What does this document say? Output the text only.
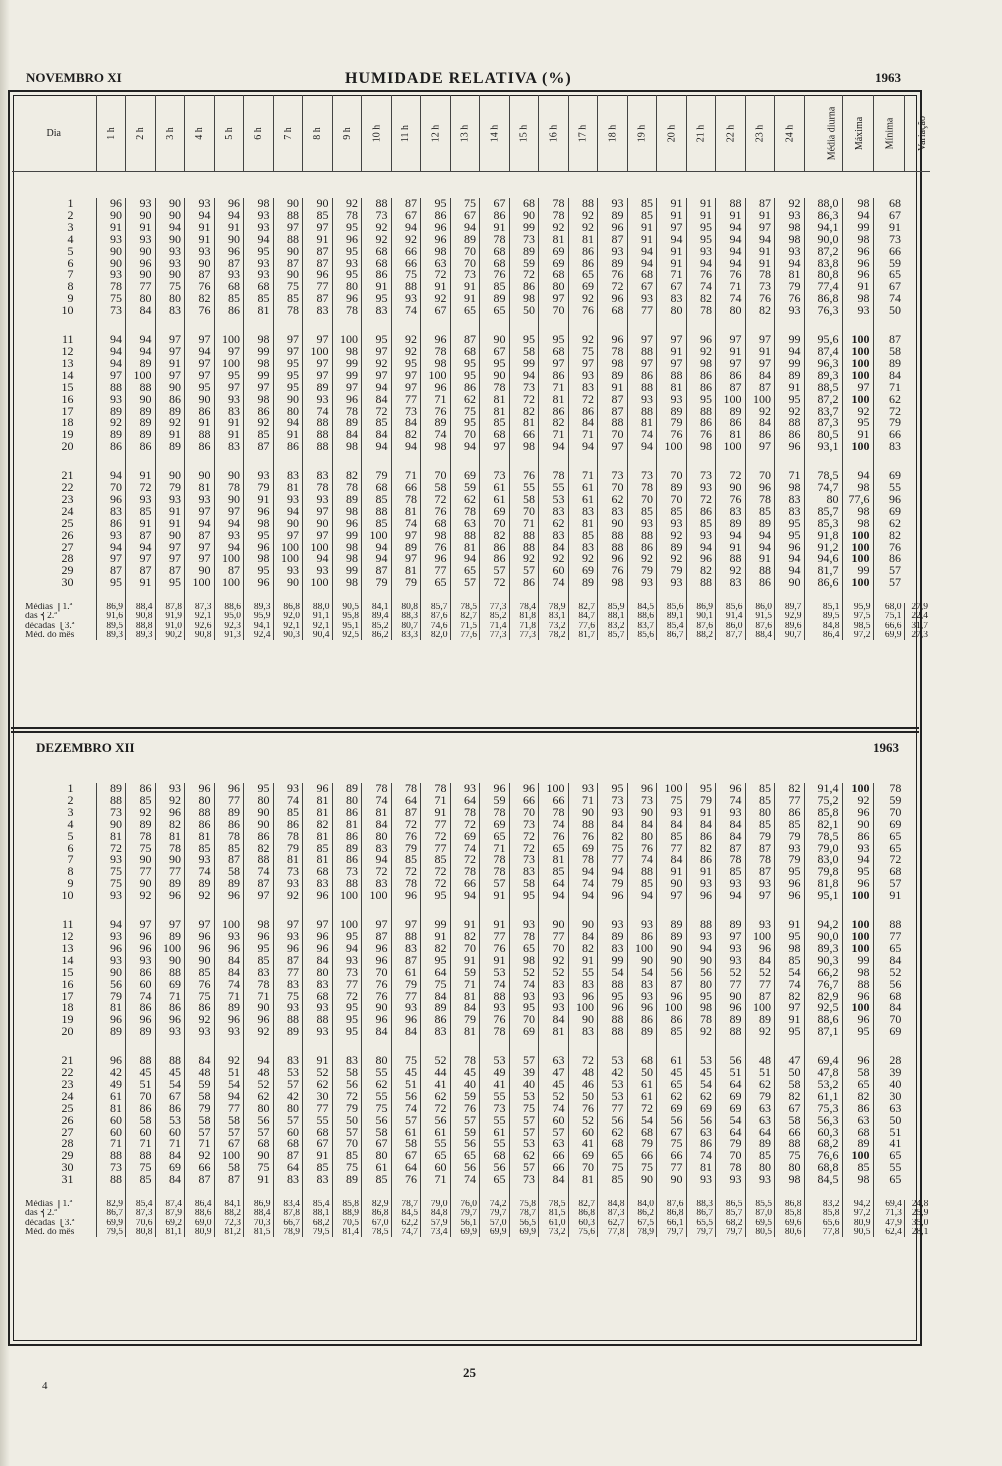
NOVEMBRO XI	HUMIDADE RELATIVA (%)	1963
Dia	1 h	2 h	3 h	4 h	5 h	6 h	7 h	8 h	9 h	10 h	11 h	12 h	13 h	14 h	15 h	16 h	17 h	18 h	19 h	20 h	21 h	22 h	23 h	24 h	Média diurna	Máxima	Mínima	Variação

1	96	93	90	93	96	98	90	90	92	88	87	95	75	67	68	78	88	93	85	91	91	88	87	92	88,0	98	68	
2	90	90	90	94	94	93	88	85	78	73	67	86	67	86	90	78	92	89	85	91	91	91	91	93	86,3	94	67	
3	91	91	94	91	91	93	97	97	95	92	94	96	94	91	99	92	92	96	91	97	95	94	97	98	94,1	99	91	
4	93	93	90	91	90	94	88	91	96	92	92	96	89	78	73	81	81	87	91	94	95	94	94	98	90,0	98	73	
5	90	90	93	93	96	95	90	87	95	68	66	98	70	68	89	69	86	93	94	91	93	94	91	93	87,2	96	66	
6	90	96	93	90	87	93	87	87	93	68	66	63	70	68	59	69	86	89	94	91	94	94	91	94	83,8	96	59	
7	93	90	90	87	93	93	90	96	95	86	75	72	73	76	72	68	65	76	68	71	76	76	78	81	80,8	96	65	
8	78	77	75	76	68	68	75	77	80	91	88	91	91	85	86	80	69	72	67	67	74	71	73	79	77,4	91	67	
9	75	80	80	82	85	85	85	87	96	95	93	92	91	89	98	97	92	96	93	83	82	74	76	76	86,8	98	74	
10	73	84	83	76	86	81	78	83	78	83	74	67	65	65	50	70	76	68	77	80	78	80	82	93	76,3	93	50	

11	94	94	97	97	100	98	97	97	100	95	92	96	87	90	95	95	92	96	97	97	96	97	97	99	95,6	100	87	
12	94	94	97	94	97	99	97	100	98	97	92	78	68	67	58	68	75	78	88	91	92	91	91	94	87,4	100	58	
13	94	89	91	97	100	98	95	97	99	92	95	98	95	95	99	97	97	98	97	97	98	97	97	99	96,3	100	89	
14	97	100	97	97	95	99	95	97	99	97	97	100	95	90	94	86	93	89	86	88	86	86	84	89	89,3	100	84	
15	88	88	90	95	97	97	95	89	97	94	97	96	86	78	73	71	83	91	88	81	86	87	87	91	88,5	97	71	
16	93	90	86	90	93	98	90	93	96	84	77	71	62	81	72	81	72	87	93	93	95	100	100	95	87,2	100	62	
17	89	89	89	86	83	86	80	74	78	72	73	76	75	81	82	86	86	87	88	89	88	89	92	92	83,7	92	72	
18	92	89	92	91	91	92	94	88	89	85	84	89	95	85	81	82	84	88	81	79	86	86	84	88	87,3	95	79	
19	89	89	91	88	91	85	91	88	84	84	82	74	70	68	66	71	71	70	74	76	76	81	86	86	80,5	91	66	
20	86	86	89	86	83	87	86	88	98	94	94	98	94	97	98	94	94	97	94	100	98	100	97	96	93,1	100	83	

21	94	91	90	90	90	93	83	83	82	79	71	70	69	73	76	78	71	73	73	70	73	72	70	71	78,5	94	69	
22	70	72	79	81	78	79	81	78	78	68	66	58	59	61	55	55	61	70	78	89	93	90	96	98	74,7	98	55	
23	96	93	93	93	90	91	93	93	89	85	78	72	62	61	58	53	61	62	70	70	72	76	78	83	80	77,6	96	
24	83	85	91	97	97	96	94	97	98	88	81	76	78	69	70	83	83	83	85	85	86	83	85	83	85,7	98	69	
25	86	91	91	94	94	98	90	90	96	85	74	68	63	70	71	62	81	90	93	93	85	89	89	95	85,3	98	62	
26	93	87	90	87	93	95	97	97	99	100	97	98	88	82	88	83	85	88	88	92	93	94	94	95	91,8	100	82	
27	94	94	97	97	94	96	100	100	98	94	89	76	81	86	88	84	83	88	86	89	94	91	94	96	91,2	100	76	
28	97	97	97	97	100	98	100	94	98	94	97	96	94	86	92	92	92	96	92	92	96	88	91	94	94,6	100	86	
29	87	87	87	90	87	95	93	93	99	87	81	77	65	57	57	60	69	76	79	79	82	92	88	94	81,7	99	57	
30	95	91	95	100	100	96	90	100	98	79	79	65	57	72	86	74	89	98	93	93	88	83	86	90	86,6	100	57	

Médias ⎧1.ª	86,9	88,4	87,8	87,3	88,6	89,3	86,8	88,0	90,5	84,1	80,8	85,7	78,5	77,3	78,4	78,9	82,7	85,9	84,5	85,6	86,9	85,6	86,0	89,7	85,1	95,9	68,0	27,9
das ⎨2.ª	91,6	90,8	91,9	92,1	95,0	95,9	92,0	91,1	95,8	89,4	88,3	87,6	82,7	85,2	81,8	83,1	84,7	88,1	88,6	89,1	90,1	91,4	91,5	92,9	89,5	97,5	75,1	22,4
décadas ⎩3.ª	89,5	88,8	91,0	92,6	92,3	94,1	92,1	92,1	95,1	85,2	80,7	74,6	71,5	71,4	71,8	73,2	77,6	83,2	83,7	85,4	87,6	86,0	87,6	89,6	84,8	98,5	66,6	31,7
Méd. do mês	89,3	89,3	90,2	90,8	91,3	92,4	90,3	90,4	92,5	86,2	83,3	82,0	77,6	77,3	77,3	78,2	81,7	85,7	85,6	86,7	88,2	87,7	88,4	90,7	86,4	97,2	69,9	27,3
DEZEMBRO XII	1963

1	89	86	93	96	96	95	93	96	89	78	78	78	93	96	96	100	93	95	96	100	95	96	85	82	91,4	100	78	
2	88	85	92	80	77	80	74	81	80	74	64	71	64	59	66	66	71	73	73	75	79	74	85	77	75,2	92	59	
3	73	92	96	88	89	90	85	81	86	81	87	91	78	78	70	78	90	93	90	93	91	93	80	86	85,8	96	70	
4	90	89	82	86	86	90	86	82	81	84	72	77	72	69	73	74	88	84	84	84	84	84	85	85	82,1	90	69	
5	81	78	81	81	78	86	78	81	86	80	76	72	69	65	72	76	76	82	80	85	86	84	79	79	78,5	86	65	
6	72	75	78	85	85	82	79	85	89	83	79	77	74	71	72	65	69	75	76	77	82	87	87	93	79,0	93	65	
7	93	90	90	93	87	88	81	81	86	94	85	85	72	78	73	81	78	77	74	84	86	78	78	79	83,0	94	72	
8	75	77	77	74	58	74	73	68	73	72	72	72	78	78	83	85	94	94	88	91	91	85	87	95	79,8	95	68	
9	75	90	89	89	89	87	93	83	88	83	78	72	66	57	58	64	74	79	85	90	93	93	93	96	81,8	96	57	
10	93	92	96	92	96	97	92	96	100	100	96	95	94	91	95	94	94	96	94	97	96	94	97	96	95,1	100	91	

11	94	97	97	97	100	98	97	97	100	97	97	99	91	91	93	90	90	93	93	89	88	89	93	91	94,2	100	88	
12	93	96	89	96	93	96	93	96	95	87	88	91	82	77	78	77	84	89	86	89	93	97	100	95	90,0	100	77	
13	96	96	100	96	96	95	96	96	94	96	83	82	70	76	65	70	82	83	100	90	94	93	96	98	89,3	100	65	
14	93	93	90	90	84	85	87	84	93	96	87	95	91	91	98	92	91	99	90	90	90	93	84	85	90,3	99	84	
15	90	86	88	85	84	83	77	80	73	70	61	64	59	53	52	52	55	54	54	56	56	52	52	54	66,2	98	52	
16	56	60	69	76	74	78	83	83	77	76	79	75	71	74	74	83	83	88	83	87	80	77	77	74	76,7	88	56	
17	79	74	71	75	71	71	75	68	72	76	77	84	81	88	93	93	96	95	93	96	95	90	87	82	82,9	96	68	
18	81	86	86	86	89	90	93	93	95	90	93	89	84	93	95	93	100	96	96	100	98	96	100	97	92,5	100	84	
19	96	96	96	92	96	96	88	88	95	96	96	86	79	76	70	84	90	88	86	86	78	89	89	91	88,6	96	70	
20	89	89	93	93	93	92	89	93	95	84	84	83	81	78	69	81	83	88	89	85	92	88	92	95	87,1	95	69	

21	96	88	88	84	92	94	83	91	83	80	75	52	78	53	57	63	72	53	68	61	53	56	48	47	69,4	96	28	
22	42	45	45	48	51	48	53	52	58	55	45	44	45	49	39	47	48	42	50	45	45	51	51	50	47,8	58	39	
23	49	51	54	59	54	52	57	62	56	62	51	41	40	41	40	45	46	53	61	65	54	64	62	58	53,2	65	40	
24	61	70	67	58	94	62	42	30	72	55	56	62	59	55	53	52	50	53	61	62	62	69	79	82	61,1	82	30	
25	81	86	86	79	77	80	80	77	79	75	74	72	76	73	75	74	76	77	72	69	69	69	63	67	75,3	86	63	
26	60	58	53	58	58	56	57	55	50	56	57	56	57	55	57	60	52	56	54	56	56	54	63	58	56,3	63	50	
27	60	60	60	57	57	57	60	68	57	58	61	61	59	61	57	57	60	62	68	67	63	64	64	66	60,3	68	51	
28	71	71	71	71	67	68	68	67	70	67	58	55	56	55	53	63	41	68	79	75	86	79	89	88	68,2	89	41	
29	88	88	84	92	100	90	87	91	85	80	67	65	65	68	62	66	69	65	66	66	74	70	85	75	76,6	100	65	
30	73	75	69	66	58	75	64	85	75	61	64	60	56	56	57	66	70	75	75	77	81	78	80	80	68,8	85	55	
31	88	85	84	87	87	91	83	83	89	85	76	71	74	65	73	84	81	85	90	90	93	93	93	98	84,5	98	65	

Médias ⎧1.ª	82,9	85,4	87,4	86,4	84,1	86,9	83,4	85,4	85,8	82,9	78,7	79,0	76,0	74,2	75,8	78,5	82,7	84,8	84,0	87,6	88,3	86,5	85,5	86,8	83,2	94,2	69,4	24,8
das ⎨2.ª	86,7	87,3	87,9	88,6	88,2	88,4	87,8	88,1	88,9	86,8	84,5	84,8	79,7	79,7	78,7	81,5	86,8	87,3	86,2	86,8	86,7	85,7	87,0	85,8	85,8	97,2	71,3	25,9
décadas ⎩3.ª	69,9	70,6	69,2	69,0	72,3	70,3	66,7	68,2	70,5	67,0	62,2	57,9	56,1	57,0	56,5	61,0	60,3	62,7	67,5	66,1	65,5	68,2	69,5	69,6	65,6	80,9	47,9	35,0
Méd. do mês	79,5	80,8	81,1	80,9	81,2	81,5	78,9	79,5	81,4	78,5	74,7	73,4	69,9	69,9	69,9	73,2	75,6	77,8	78,9	79,7	79,7	79,7	80,5	80,6	77,8	90,5	62,4	28,1
25
4
